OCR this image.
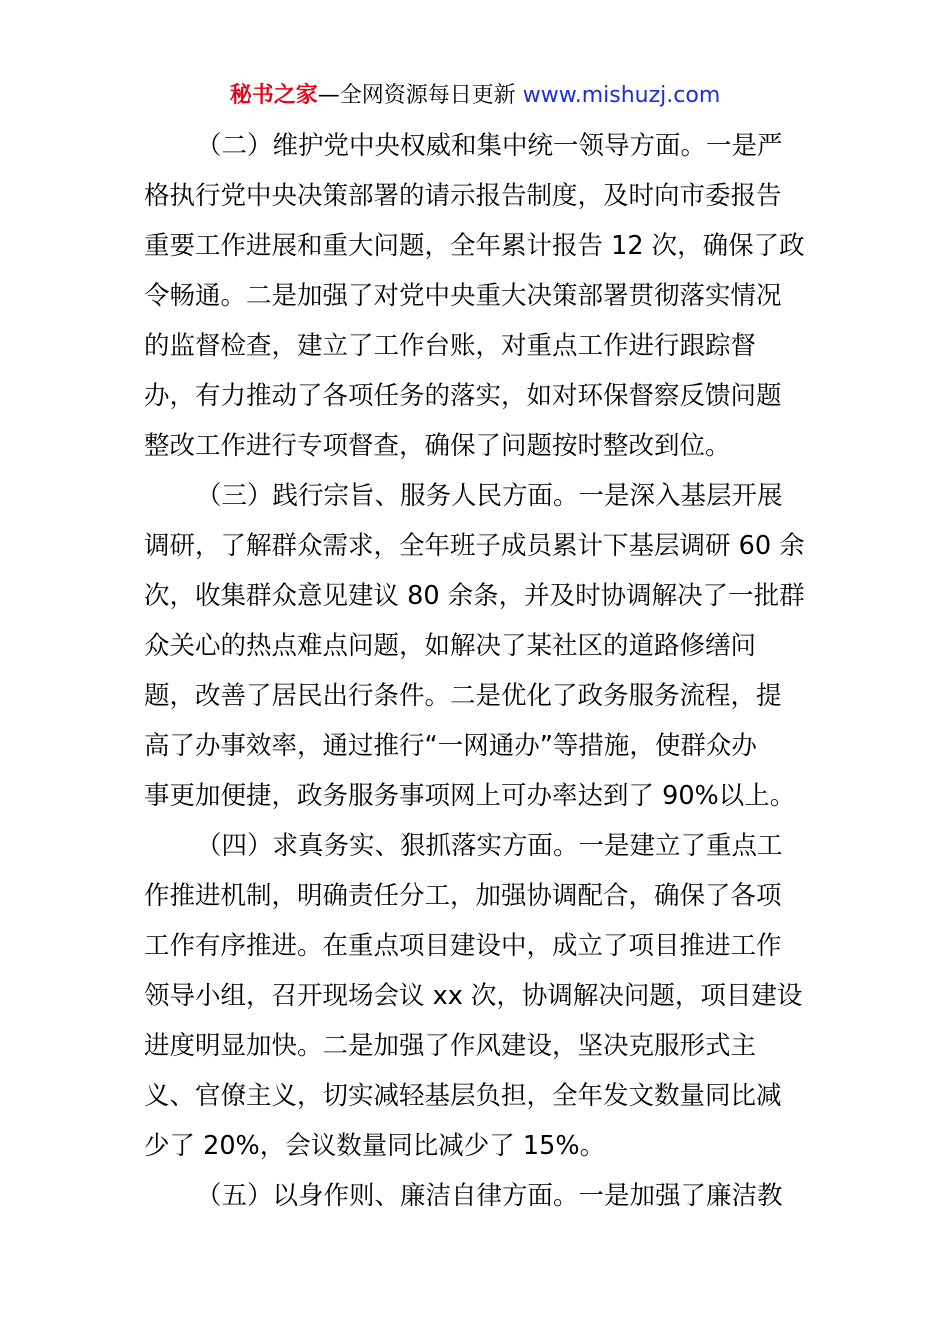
秘书之家—全网资源每日更新 www.mishuzj.com
（二）维护党中央权威和集中统一领导方面。一是严
格执行党中央决策部署的请示报告制度，及时向市委报告
重要工作进展和重大问题，全年累计报告 12 次，确保了政
令畅通。二是加强了对党中央重大决策部署贯彻落实情况
的监督检查，建立了工作台账，对重点工作进行跟踪督
办，有力推动了各项任务的落实，如对环保督察反馈问题
整改工作进行专项督查，确保了问题按时整改到位。
（三）践行宗旨、服务人民方面。一是深入基层开展
调研，了解群众需求，全年班子成员累计下基层调研 60 余
次，收集群众意见建议 80 余条，并及时协调解决了一批群
众关心的热点难点问题，如解决了某社区的道路修缮问
题，改善了居民出行条件。二是优化了政务服务流程，提
高了办事效率，通过推行“一网通办”等措施，使群众办
事更加便捷，政务服务事项网上可办率达到了 90%以上。
（四）求真务实、狠抓落实方面。一是建立了重点工
作推进机制，明确责任分工，加强协调配合，确保了各项
工作有序推进。在重点项目建设中，成立了项目推进工作
领导小组，召开现场会议 xx 次，协调解决问题，项目建设
进度明显加快。二是加强了作风建设，坚决克服形式主
义、官僚主义，切实减轻基层负担，全年发文数量同比减
少了 20%，会议数量同比减少了 15%。
（五）以身作则、廉洁自律方面。一是加强了廉洁教
